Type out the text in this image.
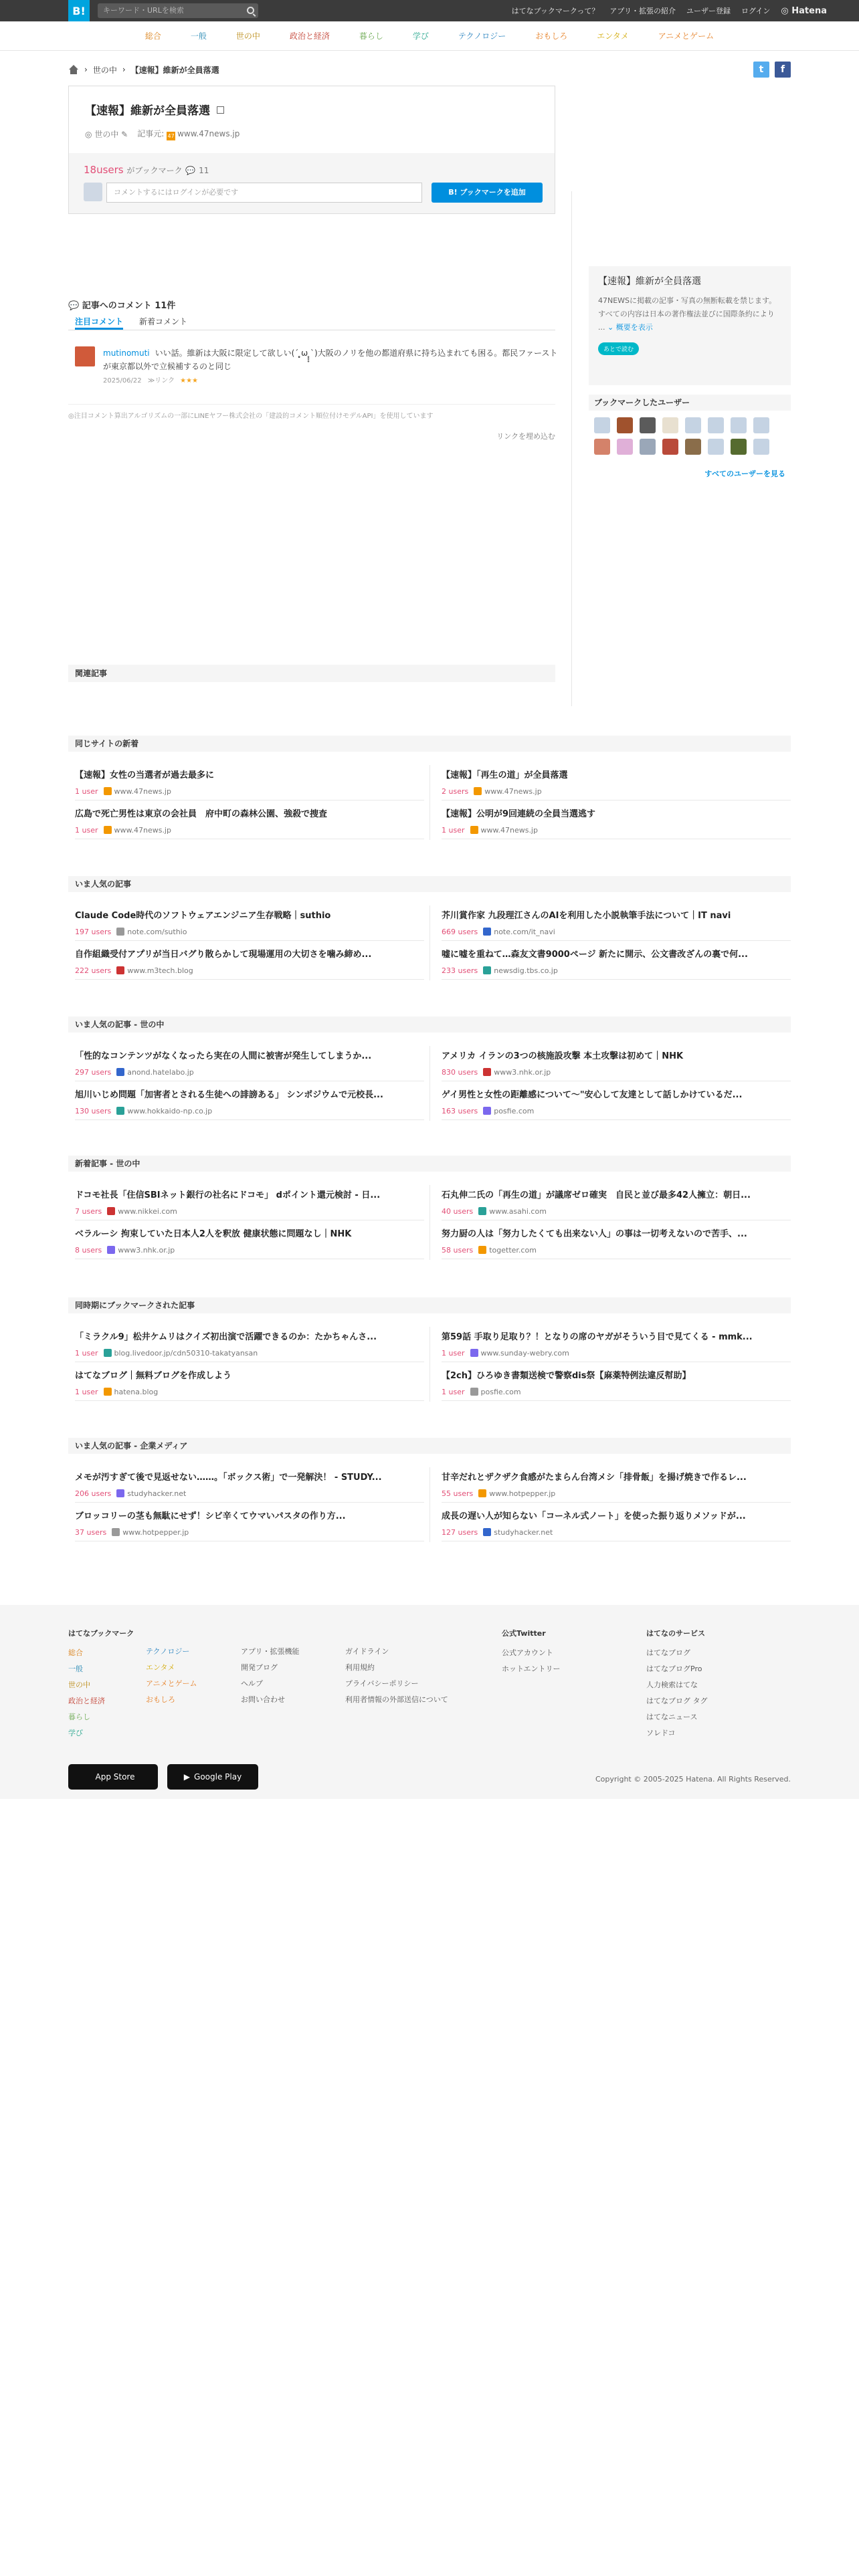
B!	キーワード・URLを検索	はてなブックマークって？ アプリ・拡張の紹介 ユーザー登録 ログイン ◎ Hatena
総合	一般	世の中	政治と経済	暮らし	学び	テクノロジー	おもしろ	エンタメ	アニメとゲーム
› 世の中 › 【速報】維新が全員落選	t f
【速報】維新が全員落選
◎ 世の中 ✎ 記事元: 47 www.47news.jp
18users がブックマーク 💬 11
コメントするにはログインが必要です	B! ブックマークを追加
💬 記事へのコメント 11件
注目コメント 新着コメント
mutinomuti いい話。維新は大阪に限定して欲しい(´ ̥̥̥ω ̥̥̥`)大阪のノリを他の都道府県に持ち込まれても困る。都民ファーストが東京都以外で立候補するのと同じ
2025/06/22 ≫リンク ★★★
◎注目コメント算出アルゴリズムの一部にLINEヤフー株式会社の「建設的コメント順位付けモデルAPI」を使用しています
リンクを埋め込む
関連記事
【速報】維新が全員落選
47NEWSに掲載の記事・写真の無断転載を禁じます。 すべての内容は日本の著作権法並びに国際条約により ... ⌄ 概要を表示
あとで読む
ブックマークしたユーザー
すべてのユーザーを見る
同じサイトの新着
【速報】女性の当選者が過去最多に
1 user www.47news.jp
【速報】「再生の道」が全員落選
2 users www.47news.jp
広島で死亡男性は東京の会社員　府中町の森林公園、強殺で捜査
1 user www.47news.jp
【速報】公明が9回連続の全員当選逃す
1 user www.47news.jp
いま人気の記事
Claude Code時代のソフトウェアエンジニア生存戦略｜suthio
197 users note.com/suthio
芥川賞作家 九段理江さんのAIを利用した小説執筆手法について｜IT navi
669 users note.com/it_navi
自作組織受付アプリが当日バグり散らかして現場運用の大切さを噛み締め...
222 users www.m3tech.blog
嘘に嘘を重ねて…森友文書9000ページ 新たに開示、公文書改ざんの裏で何...
233 users newsdig.tbs.co.jp
いま人気の記事 - 世の中
「性的なコンテンツがなくなったら実在の人間に被害が発生してしまうか...
297 users anond.hatelabo.jp
アメリカ イランの3つの核施設攻撃 本土攻撃は初めて｜NHK
830 users www3.nhk.or.jp
旭川いじめ問題「加害者とされる生徒への誹謗ある」 シンポジウムで元校長...
130 users www.hokkaido-np.co.jp
ゲイ男性と女性の距離感について〜"安心して友達として話しかけているだ...
163 users posfie.com
新着記事 - 世の中
ドコモ社長「住信SBIネット銀行の社名にドコモ」 dポイント還元検討 - 日...
7 users www.nikkei.com
石丸伸二氏の「再生の道」が議席ゼロ確実　自民と並び最多42人擁立：朝日...
40 users www.asahi.com
ベラルーシ 拘束していた日本人2人を釈放 健康状態に問題なし｜NHK
8 users www3.nhk.or.jp
努力厨の人は「努力したくても出来ない人」の事は一切考えないので苦手、...
58 users togetter.com
同時期にブックマークされた記事
「ミラクル9」松井ケムリはクイズ初出演で活躍できるのか：たかちゃんさ...
1 user blog.livedoor.jp/cdn50310-takatyansan
第59話 手取り足取り？！となりの席のヤガがそういう目で見てくる - mmk...
1 user www.sunday-webry.com
はてなブログ｜無料ブログを作成しよう
1 user hatena.blog
【2ch】ひろゆき書類送検で警察dis祭【麻薬特例法違反幇助】
1 user posfie.com
いま人気の記事 - 企業メディア
メモが汚すぎて後で見返せない……。「ボックス術」で一発解決！ - STUDY...
206 users studyhacker.net
甘辛だれとザクザク食感がたまらん台湾メシ「排骨飯」を揚げ焼きで作るレ...
55 users www.hotpepper.jp
ブロッコリーの茎も無駄にせず！シビ辛くてウマいパスタの作り方...
37 users www.hotpepper.jp
成長の遅い人が知らない「コーネル式ノート」を使った振り返りメソッドが...
127 users studyhacker.net
はてなブックマーク
総合
一般
世の中
政治と経済
暮らし
学び
テクノロジー
エンタメ
アニメとゲーム
おもしろ
アプリ・拡張機能
開発ブログ
ヘルプ
お問い合わせ
ガイドライン
利用規約
プライバシーポリシー
利用者情報の外部送信について
公式Twitter
公式アカウント
ホットエントリー
はてなのサービス
はてなブログ
はてなブログPro
人力検索はてな
はてなブログ タグ
はてなニュース
ソレドコ
App Store	▶ Google Play	Copyright © 2005-2025 Hatena. All Rights Reserved.
